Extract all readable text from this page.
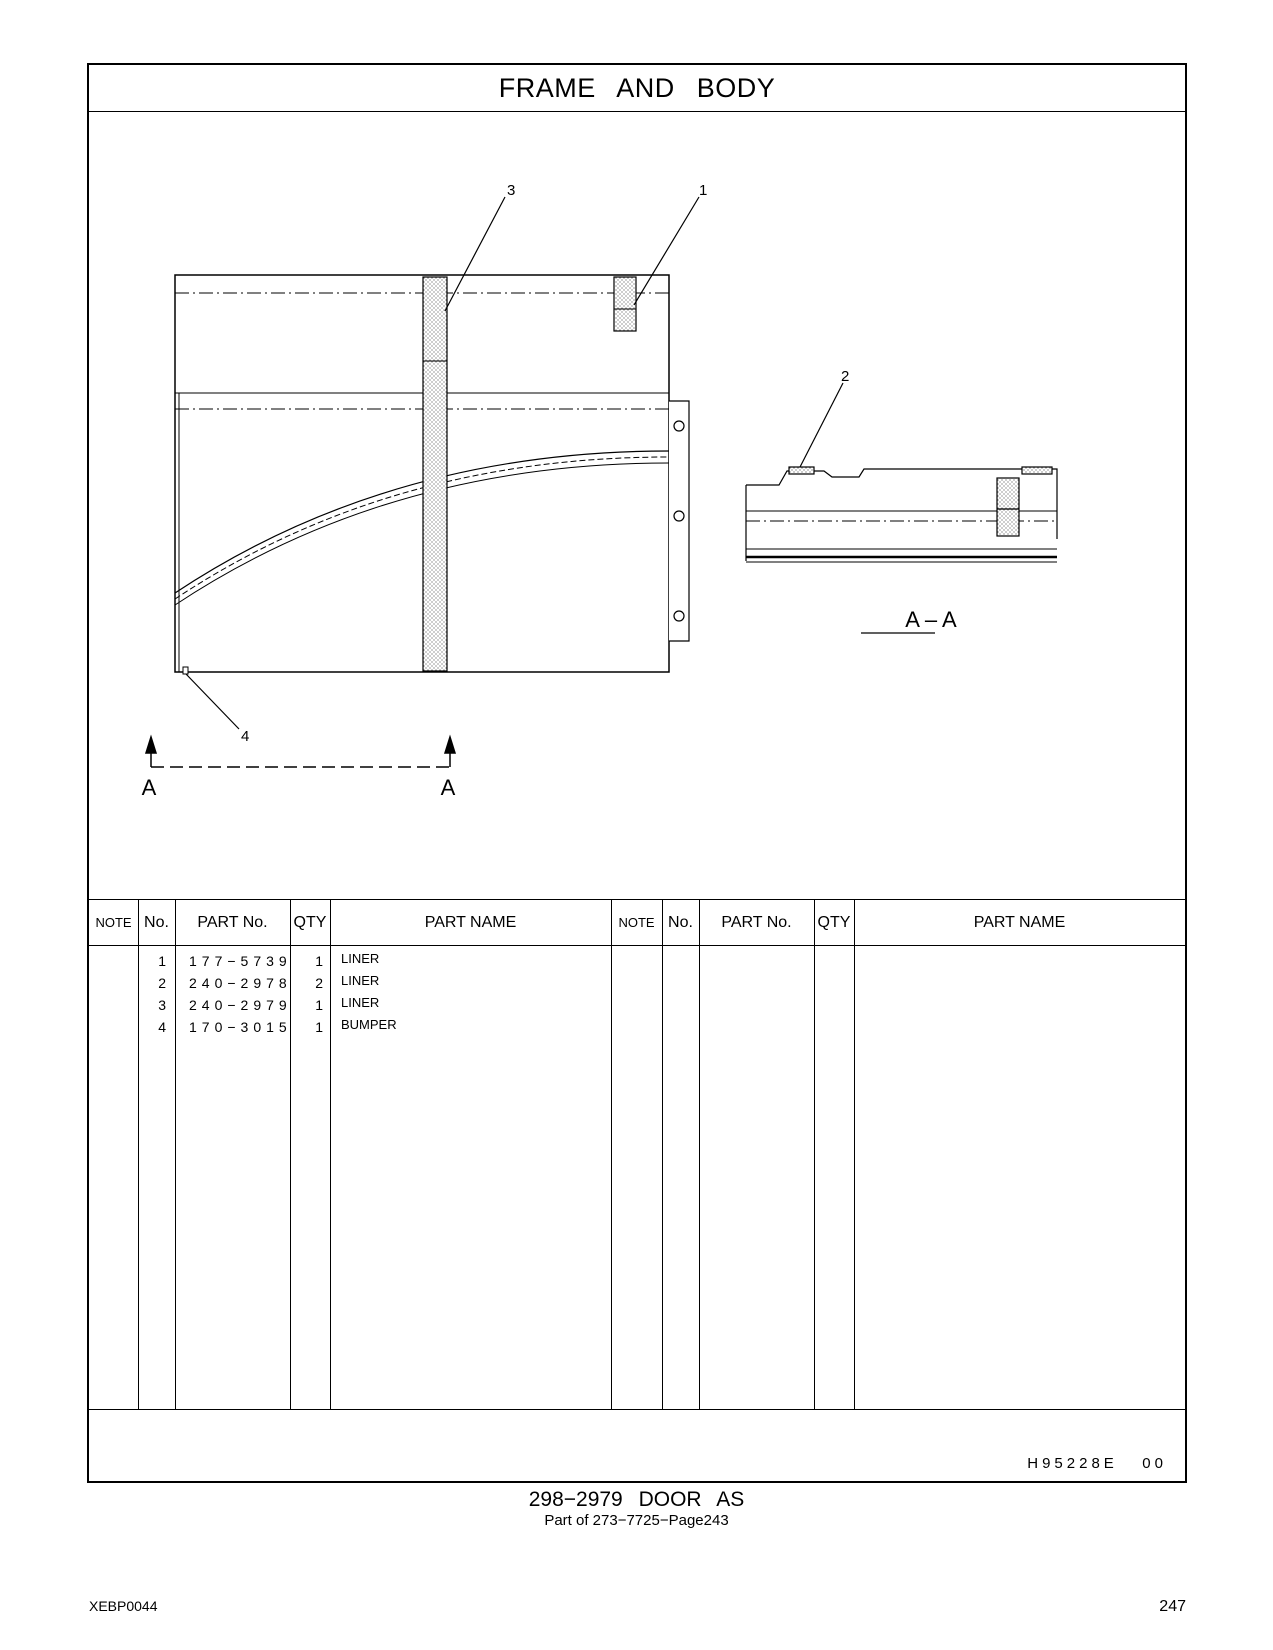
FRAME AND BODY
3	1
2
4
A – A
A	A
NOTE No.	PART No.	QTY	PART NAME	NOTE No.	PART No.	QTY	PART NAME
1 177−5739	1 LINER
2 240−2978	2 LINER
3 240−2979	1 LINER
4 170−3015	1 BUMPER
H95228E   00
298−2979 DOOR AS
Part of 273−7725−Page243
XEBP0044	247
